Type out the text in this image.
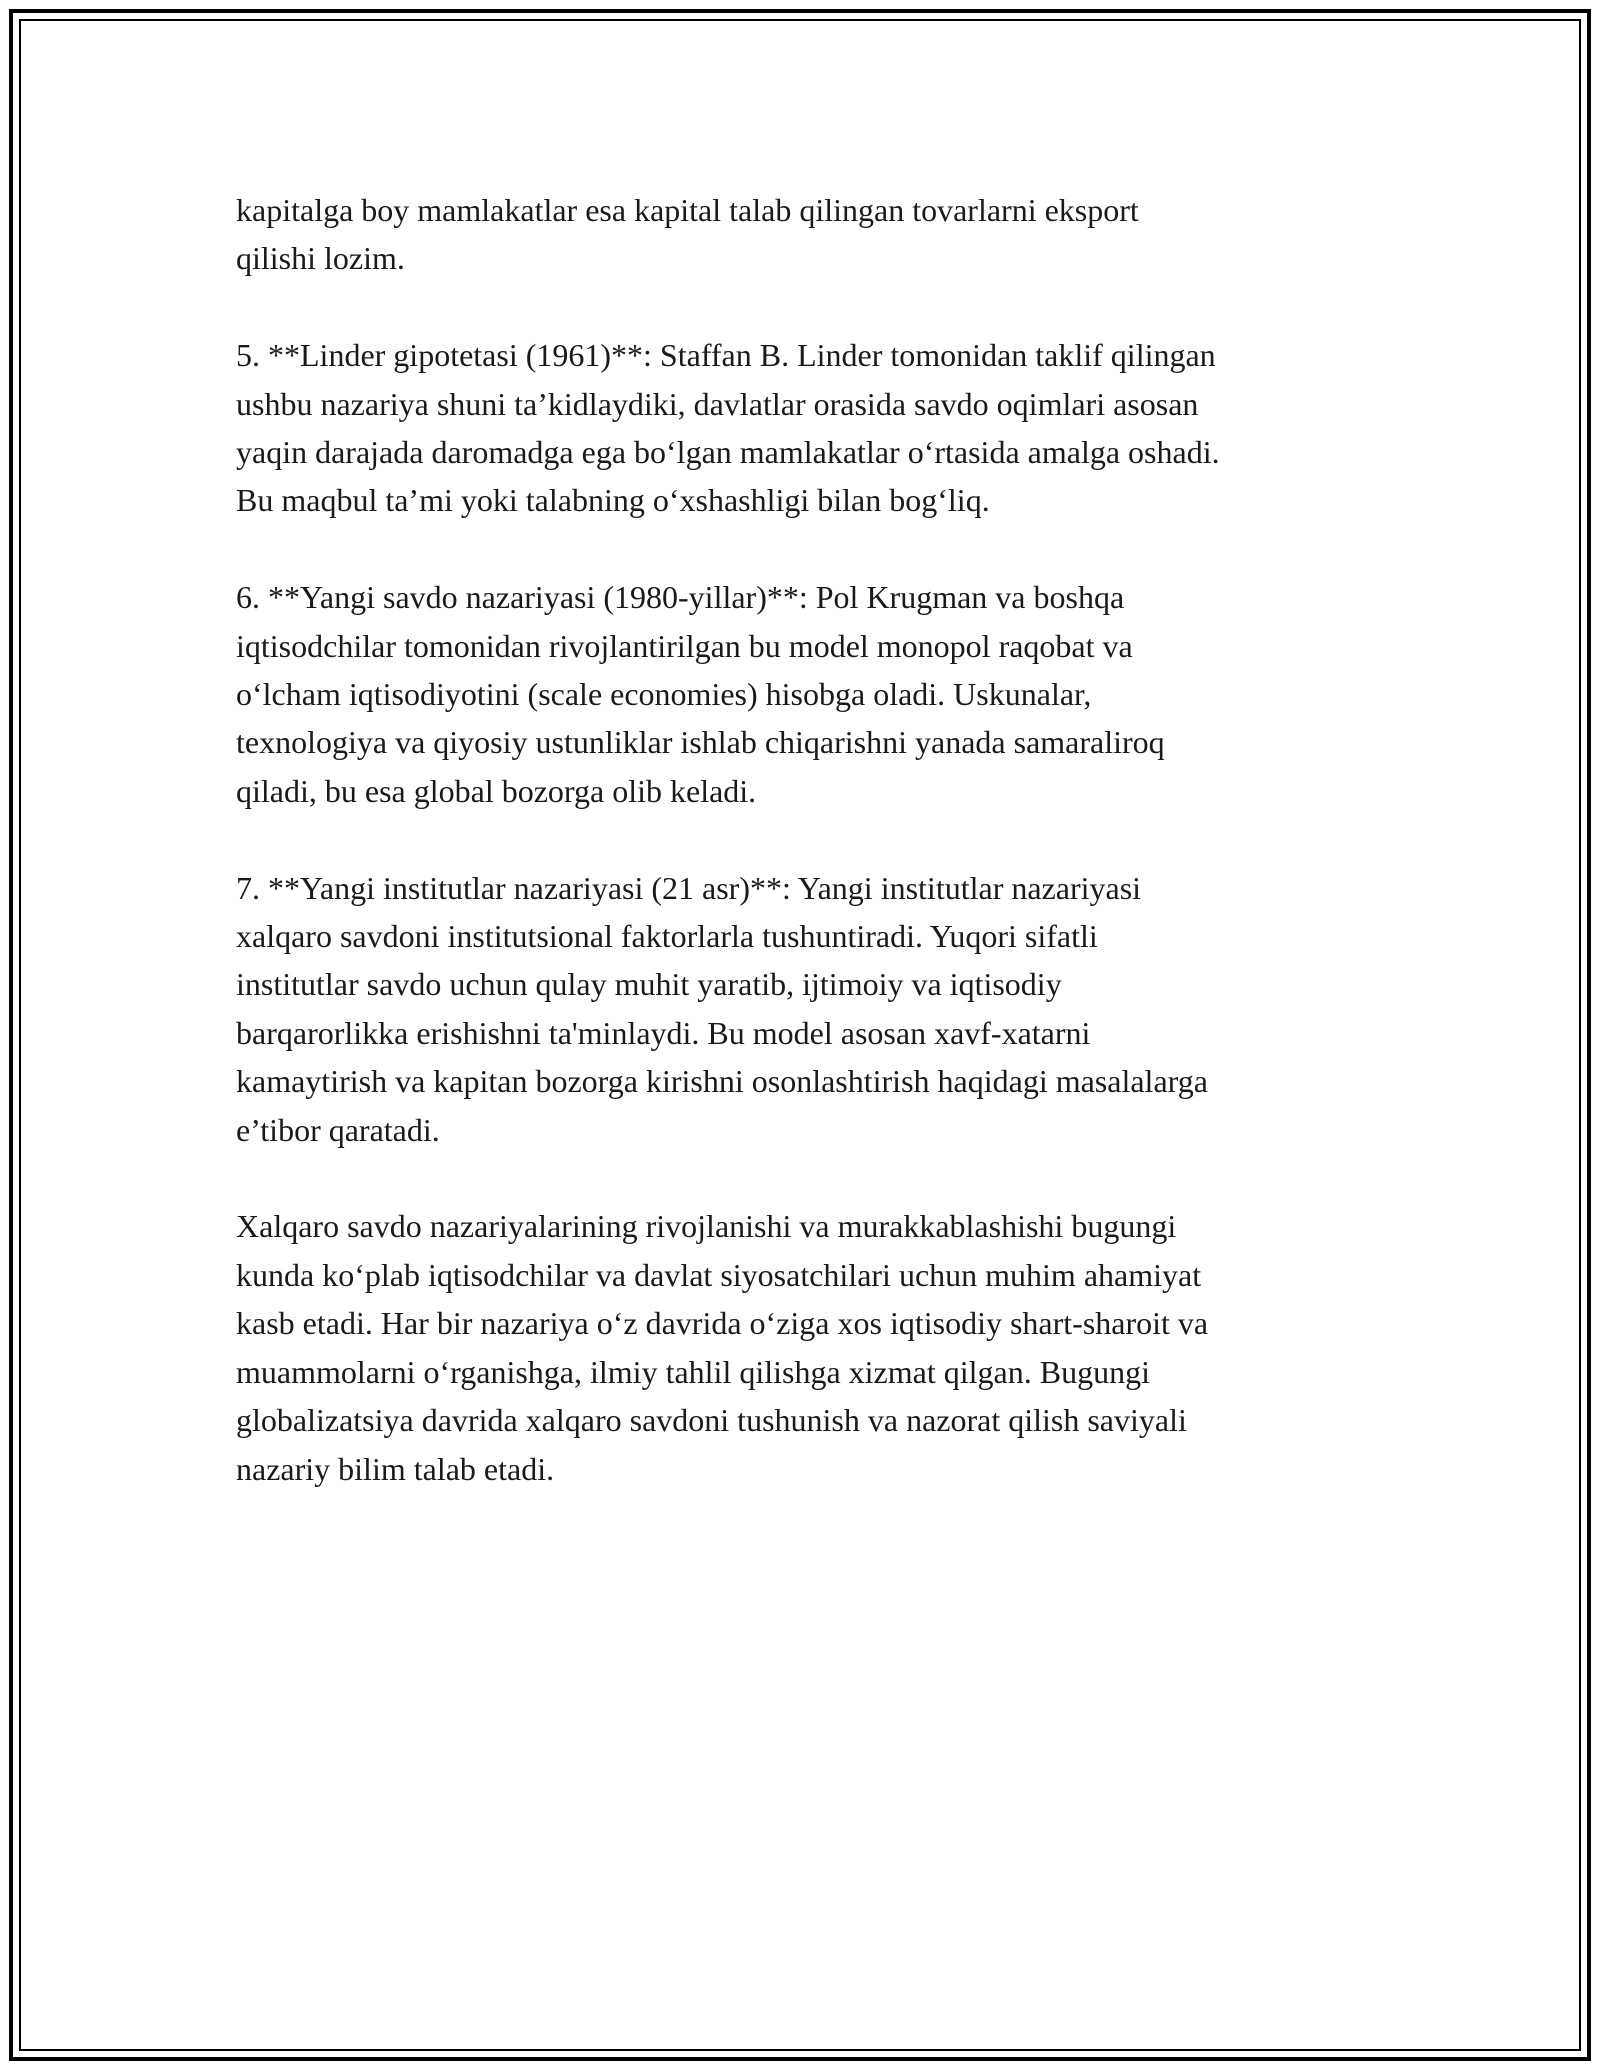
kapitalga boy mamlakatlar esa kapital talab qilingan tovarlarni eksport
qilishi lozim.

5. **Linder gipotetasi (1961)**: Staffan B. Linder tomonidan taklif qilingan
ushbu nazariya shuni ta’kidlaydiki, davlatlar orasida savdo oqimlari asosan
yaqin darajada daromadga ega bo‘lgan mamlakatlar o‘rtasida amalga oshadi.
Bu maqbul ta’mi yoki talabning o‘xshashligi bilan bog‘liq.

6. **Yangi savdo nazariyasi (1980-yillar)**: Pol Krugman va boshqa
iqtisodchilar tomonidan rivojlantirilgan bu model monopol raqobat va
o‘lcham iqtisodiyotini (scale economies) hisobga oladi. Uskunalar,
texnologiya va qiyosiy ustunliklar ishlab chiqarishni yanada samaraliroq
qiladi, bu esa global bozorga olib keladi.

7. **Yangi institutlar nazariyasi (21 asr)**: Yangi institutlar nazariyasi
xalqaro savdoni institutsional faktorlarla tushuntiradi. Yuqori sifatli
institutlar savdo uchun qulay muhit yaratib, ijtimoiy va iqtisodiy
barqarorlikka erishishni ta'minlaydi. Bu model asosan xavf-xatarni
kamaytirish va kapitan bozorga kirishni osonlashtirish haqidagi masalalarga
e’tibor qaratadi.

Xalqaro savdo nazariyalarining rivojlanishi va murakkablashishi bugungi
kunda ko‘plab iqtisodchilar va davlat siyosatchilari uchun muhim ahamiyat
kasb etadi. Har bir nazariya o‘z davrida o‘ziga xos iqtisodiy shart-sharoit va
muammolarni o‘rganishga, ilmiy tahlil qilishga xizmat qilgan. Bugungi
globalizatsiya davrida xalqaro savdoni tushunish va nazorat qilish saviyali
nazariy bilim talab etadi.
